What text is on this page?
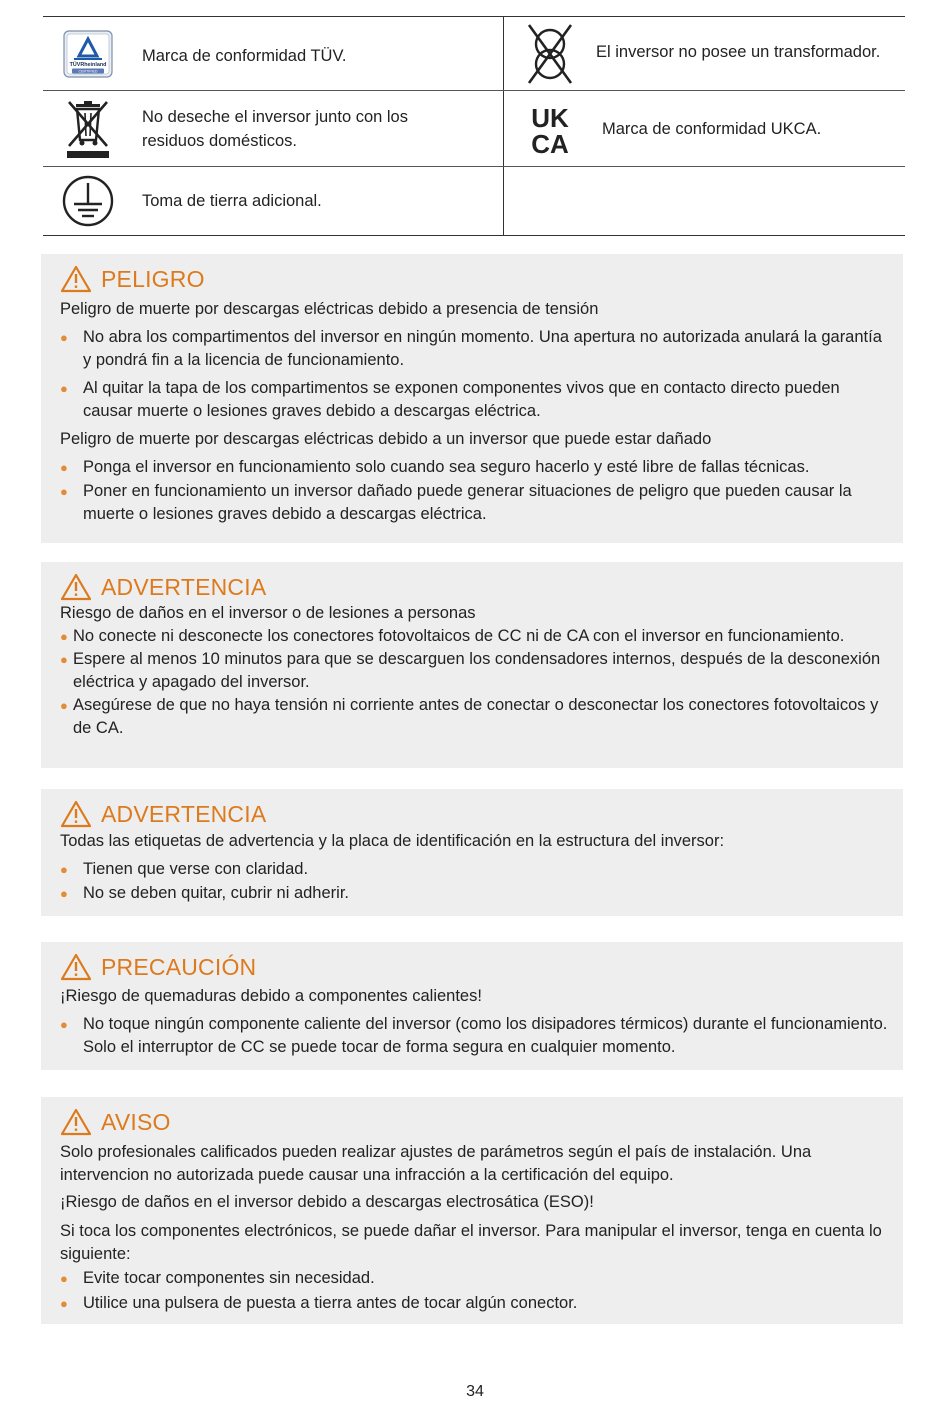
TÜVRheinland
CERTIFIED
Marca de conformidad TÜV.	El inversor no posee un transformador.
No deseche el inversor junto con los residuos domésticos.
UK
CA Marca de conformidad UKCA.
Toma de tierra adicional.
PELIGRO

Peligro de muerte por descargas eléctricas debido a presencia de tensión

● No abra los compartimentos del inversor en ningún momento. Una apertura no autorizada anulará la garantía y pondrá fin a la licencia de funcionamiento.
● Al quitar la tapa de los compartimentos se exponen componentes vivos que en contacto directo pueden causar muerte o lesiones graves debido a descargas eléctrica.

Peligro de muerte por descargas eléctricas debido a un inversor que puede estar dañado

● Ponga el inversor en funcionamiento solo cuando sea seguro hacerlo y esté libre de fallas técnicas.
● Poner en funcionamiento un inversor dañado puede generar situaciones de peligro que pueden causar la muerte o lesiones graves debido a descargas eléctrica.
ADVERTENCIA

Riesgo de daños en el inversor o de lesiones a personas

● No conecte ni desconecte los conectores fotovoltaicos de CC ni de CA con el inversor en funcionamiento.
● Espere al menos 10 minutos para que se descarguen los condensadores internos, después de la desconexión eléctrica y apagado del inversor.
● Asegúrese de que no haya tensión ni corriente antes de conectar o desconectar los conectores fotovoltaicos y de CA.
ADVERTENCIA

Todas las etiquetas de advertencia y la placa de identificación en la estructura del inversor:

● Tienen que verse con claridad.
● No se deben quitar, cubrir ni adherir.
PRECAUCIÓN

¡Riesgo de quemaduras debido a componentes calientes!

● No toque ningún componente caliente del inversor (como los disipadores térmicos) durante el funcionamiento. Solo el interruptor de CC se puede tocar de forma segura en cualquier momento.
AVISO

Solo profesionales calificados pueden realizar ajustes de parámetros según el país de instalación. Una intervencion no autorizada puede causar una infracción a la certificación del equipo.

¡Riesgo de daños en el inversor debido a descargas electrosática (ESO)!

Si toca los componentes electrónicos, se puede dañar el inversor. Para manipular el inversor, tenga en cuenta lo siguiente:

● Evite tocar componentes sin necesidad.
● Utilice una pulsera de puesta a tierra antes de tocar algún conector.
34
